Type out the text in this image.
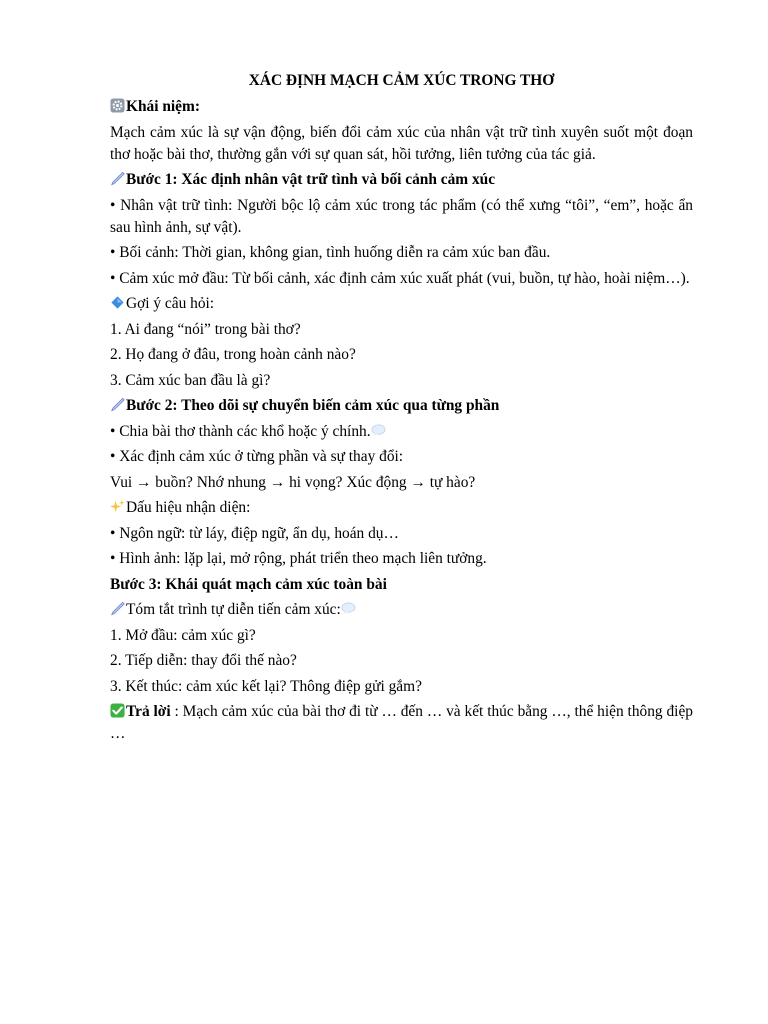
XÁC ĐỊNH MẠCH CẢM XÚC TRONG THƠ
Khái niệm:
Mạch cảm xúc là sự vận động, biến đổi cảm xúc của nhân vật trữ tình xuyên suốt một đoạn thơ hoặc bài thơ, thường gắn với sự quan sát, hồi tưởng, liên tưởng của tác giả.
Bước 1: Xác định nhân vật trữ tình và bối cảnh cảm xúc
• Nhân vật trữ tình: Người bộc lộ cảm xúc trong tác phẩm (có thể xưng “tôi”, “em”, hoặc ẩn sau hình ảnh, sự vật).
• Bối cảnh: Thời gian, không gian, tình huống diễn ra cảm xúc ban đầu.
• Cảm xúc mở đầu: Từ bối cảnh, xác định cảm xúc xuất phát (vui, buồn, tự hào, hoài niệm…).
Gợi ý câu hỏi:
1. Ai đang “nói” trong bài thơ?
2. Họ đang ở đâu, trong hoàn cảnh nào?
3. Cảm xúc ban đầu là gì?
Bước 2: Theo dõi sự chuyển biến cảm xúc qua từng phần
• Chia bài thơ thành các khổ hoặc ý chính.
• Xác định cảm xúc ở từng phần và sự thay đổi:
Vui → buồn? Nhớ nhung → hi vọng? Xúc động → tự hào?
Dấu hiệu nhận diện:
• Ngôn ngữ: từ láy, điệp ngữ, ẩn dụ, hoán dụ…
• Hình ảnh: lặp lại, mở rộng, phát triển theo mạch liên tưởng.
Bước 3: Khái quát mạch cảm xúc toàn bài
Tóm tắt trình tự diễn tiến cảm xúc:
1. Mở đầu: cảm xúc gì?
2. Tiếp diễn: thay đổi thế nào?
3. Kết thúc: cảm xúc kết lại? Thông điệp gửi gắm?
Trả lời : Mạch cảm xúc của bài thơ đi từ … đến … và kết thúc bằng …, thể hiện thông điệp …
